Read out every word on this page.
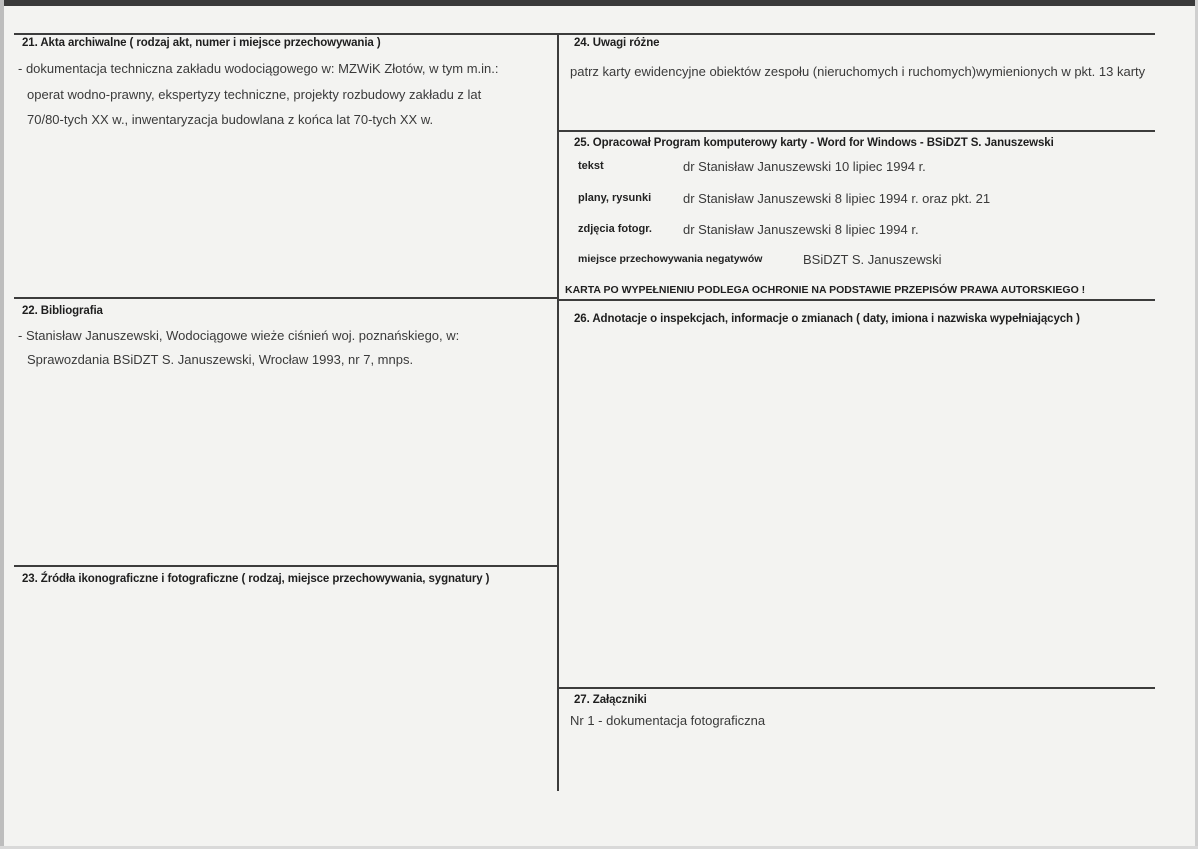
21. Akta archiwalne ( rodzaj akt, numer i miejsce przechowywania )
- dokumentacja techniczna zakładu wodociągowego w: MZWiK Złotów, w tym m.in.:
operat wodno-prawny, ekspertyzy techniczne, projekty rozbudowy zakładu z lat
70/80-tych XX w., inwentaryzacja budowlana z końca lat 70-tych XX w.
22. Bibliografia
- Stanisław Januszewski, Wodociągowe wieże ciśnień woj. poznańskiego, w:
Sprawozdania BSiDZT S. Januszewski, Wrocław 1993, nr 7, mnps.
23. Źródła ikonograficzne i fotograficzne ( rodzaj, miejsce przechowywania, sygnatury )
24. Uwagi różne
patrz karty ewidencyjne obiektów zespołu (nieruchomych i ruchomych)wymienionych w pkt. 13 karty
25. Opracował Program komputerowy karty - Word for Windows - BSiDZT S. Januszewski
tekst	dr Stanisław Januszewski 10 lipiec 1994 r.
plany, rysunki dr Stanisław Januszewski 8 lipiec 1994 r. oraz pkt. 21
zdjęcia fotogr. dr Stanisław Januszewski 8 lipiec 1994 r.
miejsce przechowywania negatywów	BSiDZT S. Januszewski
KARTA PO WYPEŁNIENIU PODLEGA OCHRONIE NA PODSTAWIE PRZEPISÓW PRAWA AUTORSKIEGO !
26. Adnotacje o inspekcjach, informacje o zmianach ( daty, imiona i nazwiska wypełniających )
27. Załączniki
Nr 1 - dokumentacja fotograficzna
